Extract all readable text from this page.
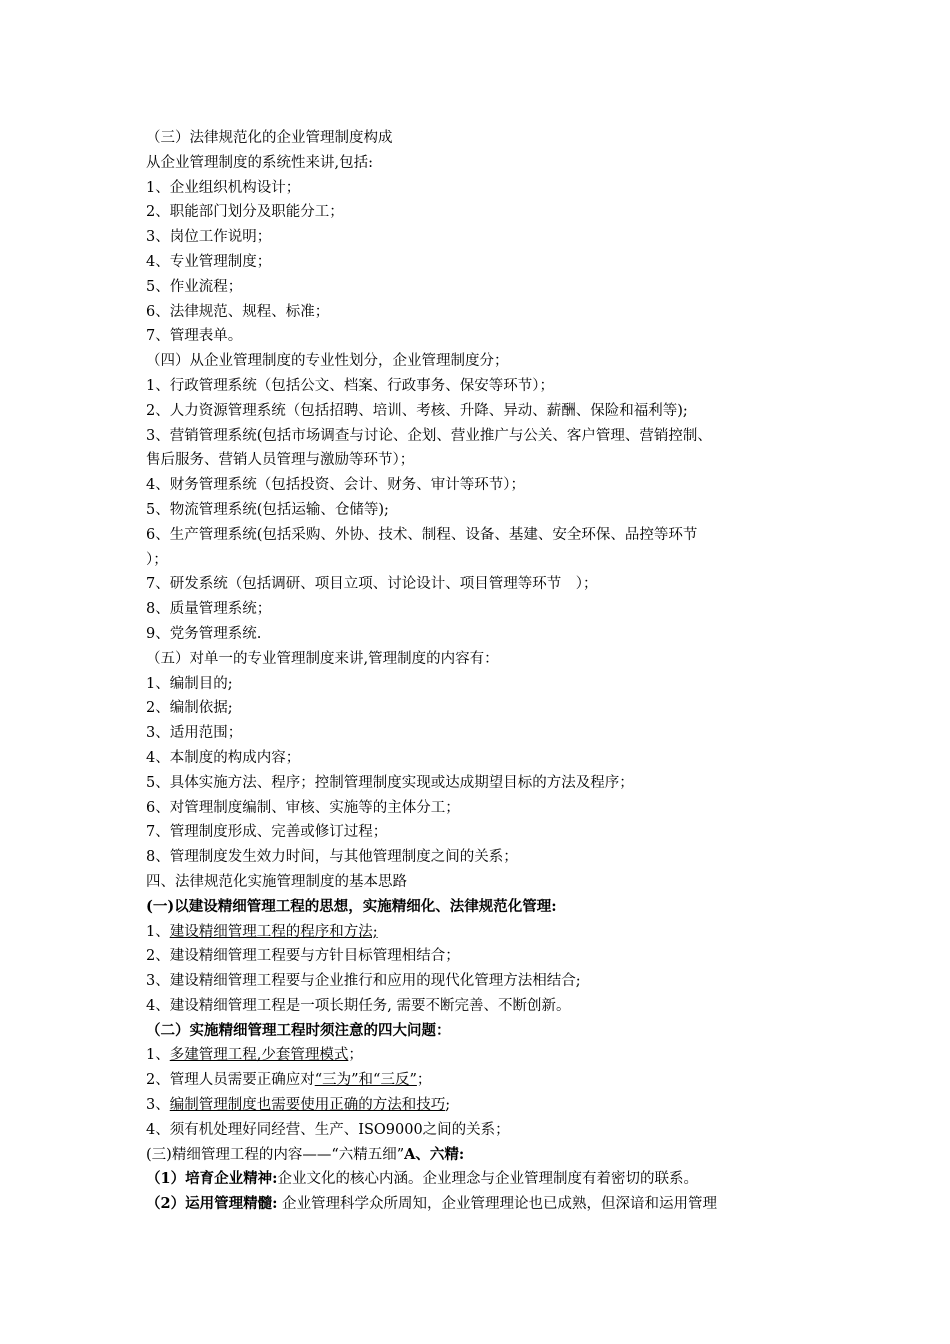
（三）法律规范化的企业管理制度构成
从企业管理制度的系统性来讲,包括:
1、企业组织机构设计；
2、职能部门划分及职能分工；
3、岗位工作说明；
4、专业管理制度；
5、作业流程；
6、法律规范、规程、标准；
7、管理表单。
（四）从企业管理制度的专业性划分，企业管理制度分；
1、行政管理系统（包括公文、档案、行政事务、保安等环节）；
2、人力资源管理系统（包括招聘、培训、考核、升降、异动、薪酬、保险和福利等);
3、营销管理系统(包括市场调查与讨论、企划、营业推广与公关、客户管理、营销控制、
售后服务、营销人员管理与激励等环节）；
4、财务管理系统（包括投资、会计、财务、审计等环节）；
5、物流管理系统(包括运输、仓储等);
6、生产管理系统(包括采购、外协、技术、制程、设备、基建、安全环保、品控等环节
）；
7、研发系统（包括调研、项目立项、讨论设计、项目管理等环节　）；
8、质量管理系统；
9、党务管理系统.
（五）对单一的专业管理制度来讲,管理制度的内容有：
1、编制目的;
2、编制依据;
3、适用范围；
4、本制度的构成内容；
5、具体实施方法、程序；控制管理制度实现或达成期望目标的方法及程序；
6、对管理制度编制、审核、实施等的主体分工；
7、管理制度形成、完善或修订过程；
8、管理制度发生效力时间，与其他管理制度之间的关系；
四、法律规范化实施管理制度的基本思路
(一)以建设精细管理工程的思想，实施精细化、法律规范化管理:
1、建设精细管理工程的程序和方法;
2、建设精细管理工程要与方针目标管理相结合；
3、建设精细管理工程要与企业推行和应用的现代化管理方法相结合;
4、建设精细管理工程是一项长期任务, 需要不断完善、不断创新。
（二）实施精细管理工程时须注意的四大问题：
1、多建管理工程,少套管理模式；
2、管理人员需要正确应对“三为”和“三反”；
3、编制管理制度也需要使用正确的方法和技巧;
4、须有机处理好同经营、生产、ISO9000之间的关系；
(三)精细管理工程的内容——“六精五细”A、六精:
（1）培育企业精神:企业文化的核心内涵。企业理念与企业管理制度有着密切的联系。
（2）运用管理精髓: 企业管理科学众所周知，企业管理理论也已成熟，但深谙和运用管理
